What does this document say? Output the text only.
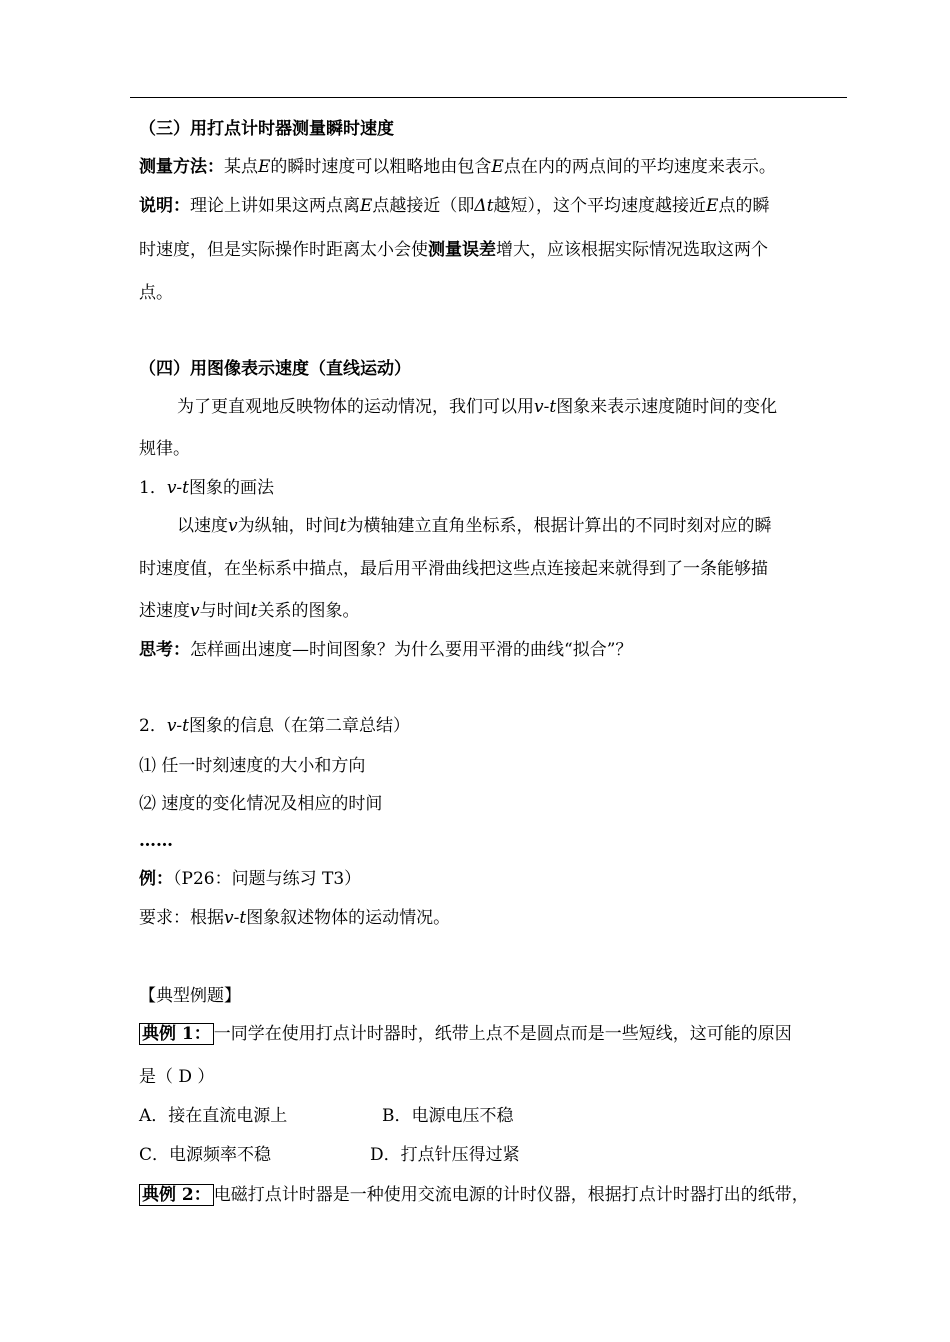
（三）用打点计时器测量瞬时速度
测量方法：某点E的瞬时速度可以粗略地由包含E点在内的两点间的平均速度来表示。
说明：理论上讲如果这两点离E点越接近（即Δt越短），这个平均速度越接近E点的瞬
时速度，但是实际操作时距离太小会使测量误差增大，应该根据实际情况选取这两个
点。
（四）用图像表示速度（直线运动）
为了更直观地反映物体的运动情况，我们可以用v-t图象来表示速度随时间的变化
规律。
1．v-t图象的画法
以速度v为纵轴，时间t为横轴建立直角坐标系，根据计算出的不同时刻对应的瞬
时速度值，在坐标系中描点，最后用平滑曲线把这些点连接起来就得到了一条能够描
述速度v与时间t关系的图象。
思考：怎样画出速度—时间图象？为什么要用平滑的曲线“拟合”？
2．v-t图象的信息（在第二章总结）
⑴ 任一时刻速度的大小和方向
⑵ 速度的变化情况及相应的时间
……
例：（P26：问题与练习 T3）
要求：根据v-t图象叙述物体的运动情况。
【典型例题】
典例 1： 一同学在使用打点计时器时，纸带上点不是圆点而是一些短线，这可能的原因
是（ D ）
A．接在直流电源上	B．电源电压不稳
C．电源频率不稳	D．打点针压得过紧
典例 2： 电磁打点计时器是一种使用交流电源的计时仪器，根据打点计时器打出的纸带，
